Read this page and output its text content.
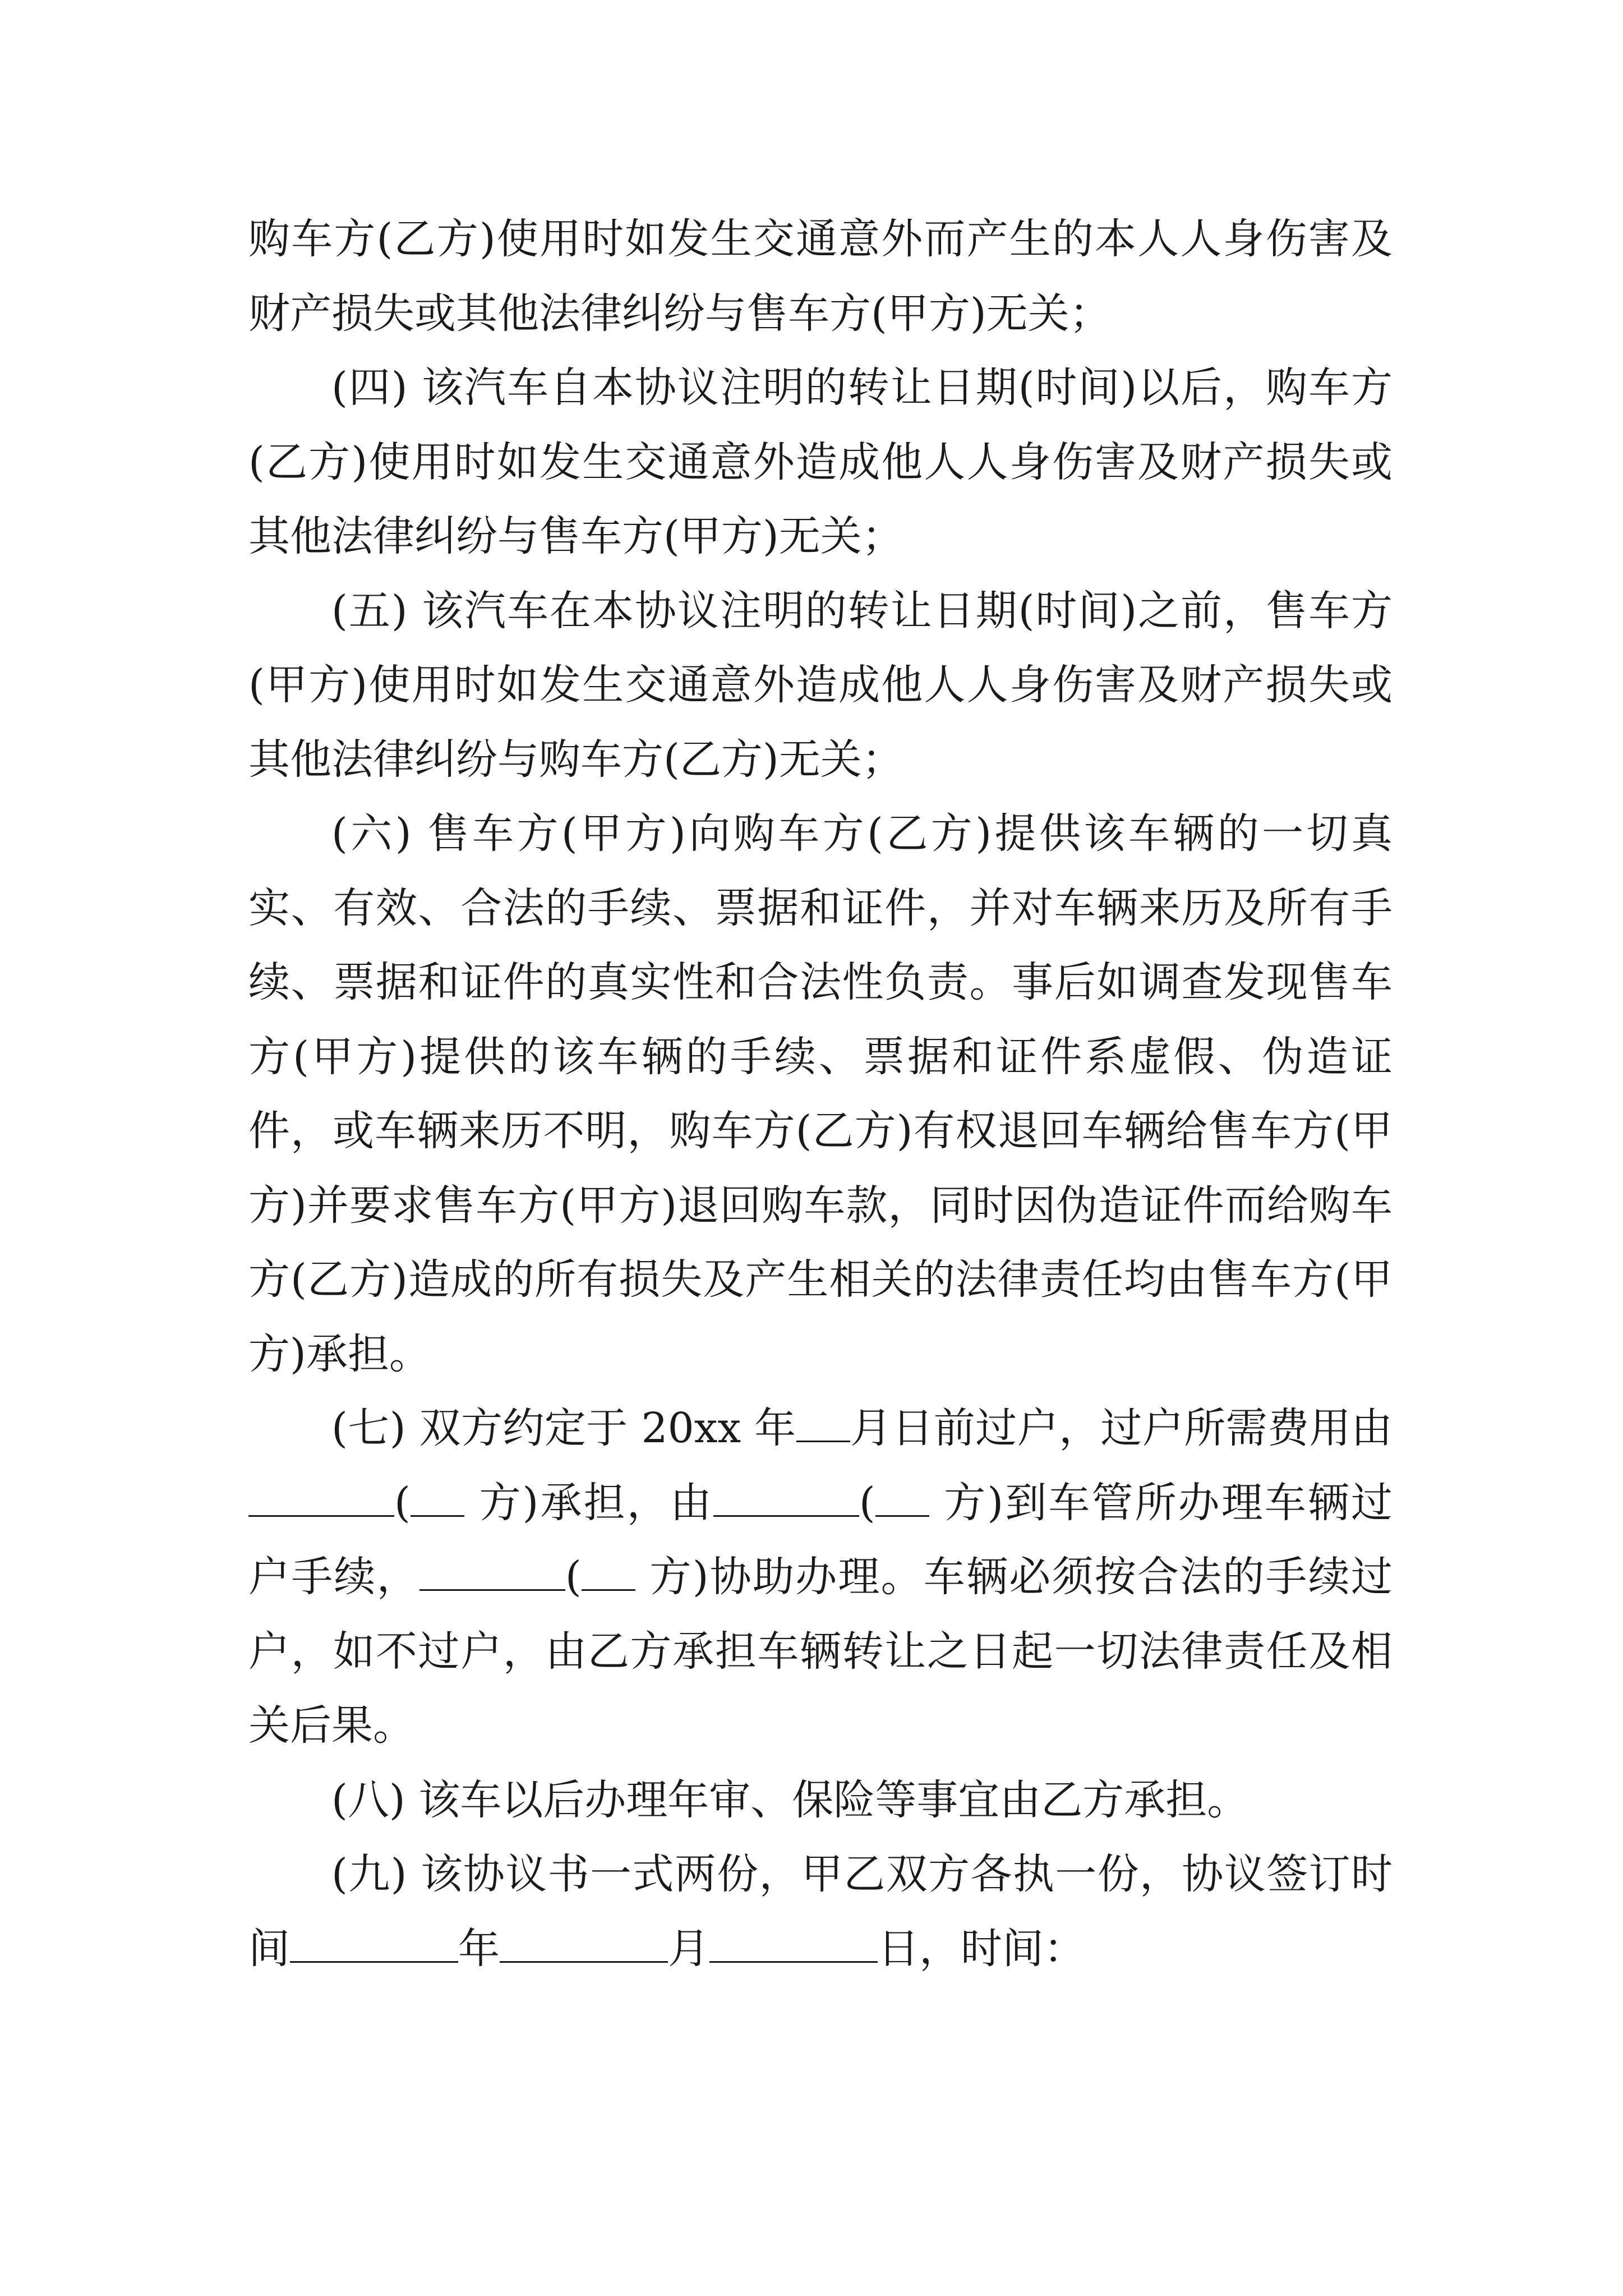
购车方(乙方)使用时如发生交通意外而产生的本人人身伤害及财产损失或其他法律纠纷与售车方(甲方)无关；

(四) 该汽车自本协议注明的转让日期(时间)以后，购车方(乙方)使用时如发生交通意外造成他人人身伤害及财产损失或其他法律纠纷与售车方(甲方)无关；

(五) 该汽车在本协议注明的转让日期(时间)之前，售车方(甲方)使用时如发生交通意外造成他人人身伤害及财产损失或其他法律纠纷与购车方(乙方)无关；

(六) 售车方(甲方)向购车方(乙方)提供该车辆的一切真实、有效、合法的手续、票据和证件，并对车辆来历及所有手续、票据和证件的真实性和合法性负责。事后如调查发现售车方(甲方)提供的该车辆的手续、票据和证件系虚假、伪造证件，或车辆来历不明，购车方(乙方)有权退回车辆给售车方(甲方)并要求售车方(甲方)退回购车款，同时因伪造证件而给购车方(乙方)造成的所有损失及产生相关的法律责任均由售车方(甲方)承担。

(七) 双方约定于 20xx 年 月日前过户，过户所需费用由( 方)承担，由	( 方)到车管所办理车辆过户手续，	( 方)协助办理。车辆必须按合法的手续过户，如不过户，由乙方承担车辆转让之日起一切法律责任及相关后果。

(八) 该车以后办理年审、保险等事宜由乙方承担。

(九) 该协议书一式两份，甲乙双方各执一份，协议签订时间	年	月	日，时间：
